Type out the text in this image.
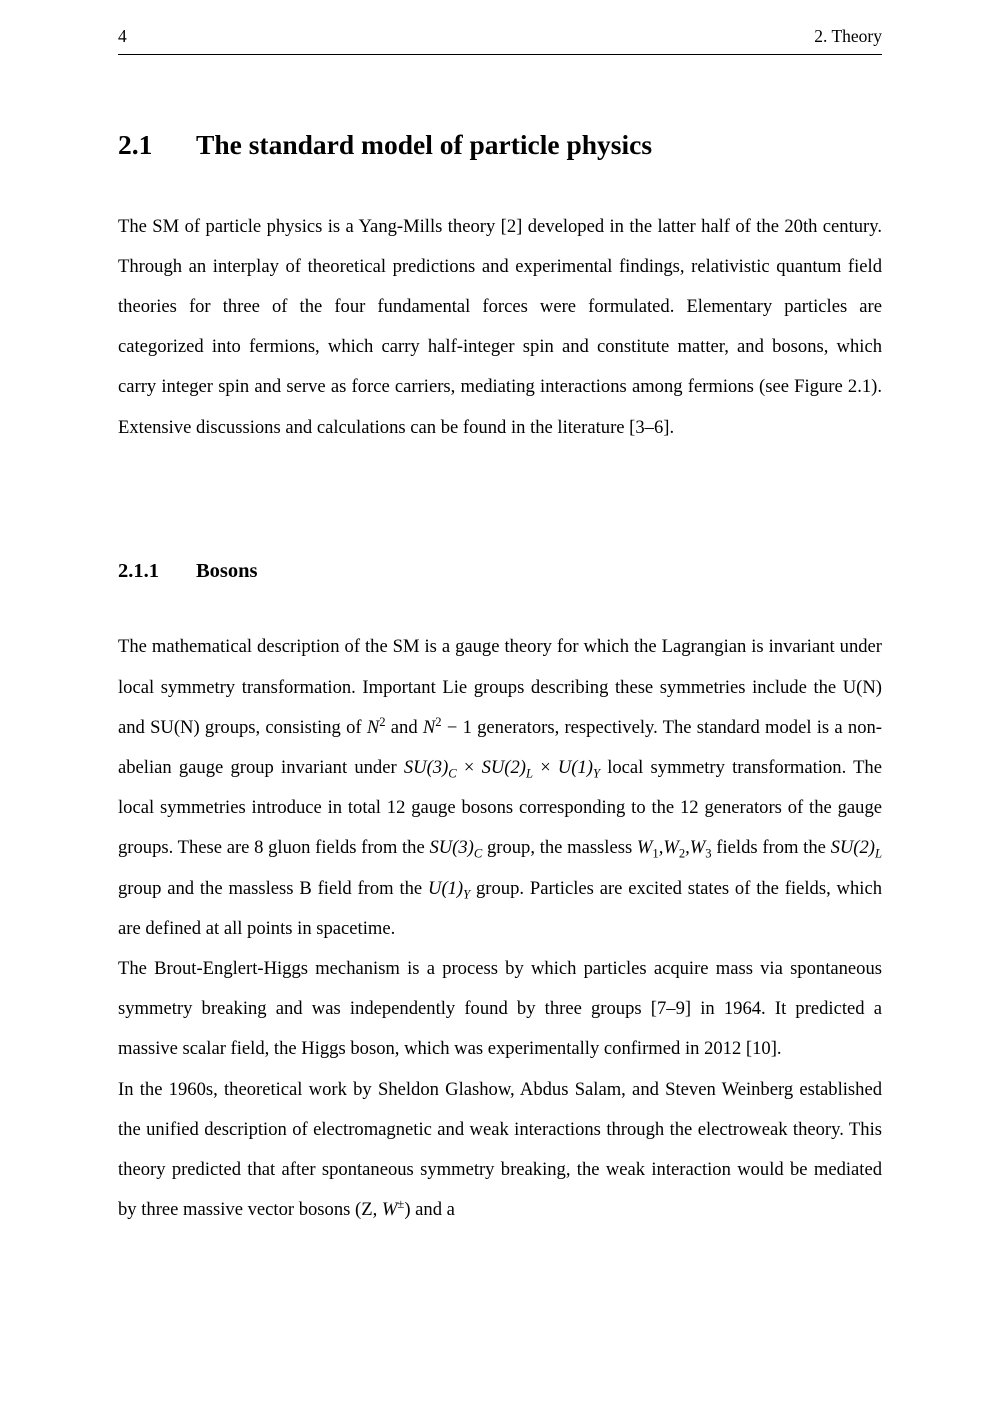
4	2. Theory
2.1	The standard model of particle physics

The SM of particle physics is a Yang-Mills theory [2] developed in the latter half of the 20th century. Through an interplay of theoretical predictions and experimental findings, relativistic quantum field theories for three of the four fundamental forces were formulated. Elementary particles are categorized into fermions, which carry half-integer spin and constitute matter, and bosons, which carry integer spin and serve as force carriers, mediating interactions among fermions (see Figure 2.1). Extensive discussions and calculations can be found in the literature [3–6].

2.1.1	Bosons

The mathematical description of the SM is a gauge theory for which the Lagrangian is invariant under local symmetry transformation. Important Lie groups describing these symmetries include the U(N) and SU(N) groups, consisting of $N^2$ and $N^2 - 1$ generators, respectively. The standard model is a non-abelian gauge group invariant under $SU(3)_C \times SU(2)_L \times U(1)_Y$ local symmetry transformation. The local symmetries introduce in total 12 gauge bosons corresponding to the 12 generators of the gauge groups. These are 8 gluon fields from the $SU(3)_C$ group, the massless $W_1,W_2,W_3$ fields from the $SU(2)_L$ group and the massless B field from the $U(1)_Y$ group. Particles are excited states of the fields, which are defined at all points in spacetime.

The Brout-Englert-Higgs mechanism is a process by which particles acquire mass via spontaneous symmetry breaking and was independently found by three groups [7–9] in 1964. It predicted a massive scalar field, the Higgs boson, which was experimentally confirmed in 2012 [10].

In the 1960s, theoretical work by Sheldon Glashow, Abdus Salam, and Steven Weinberg established the unified description of electromagnetic and weak interactions through the electroweak theory. This theory predicted that after spontaneous symmetry breaking, the weak interaction would be mediated by three massive vector bosons (Z, W±) and a
